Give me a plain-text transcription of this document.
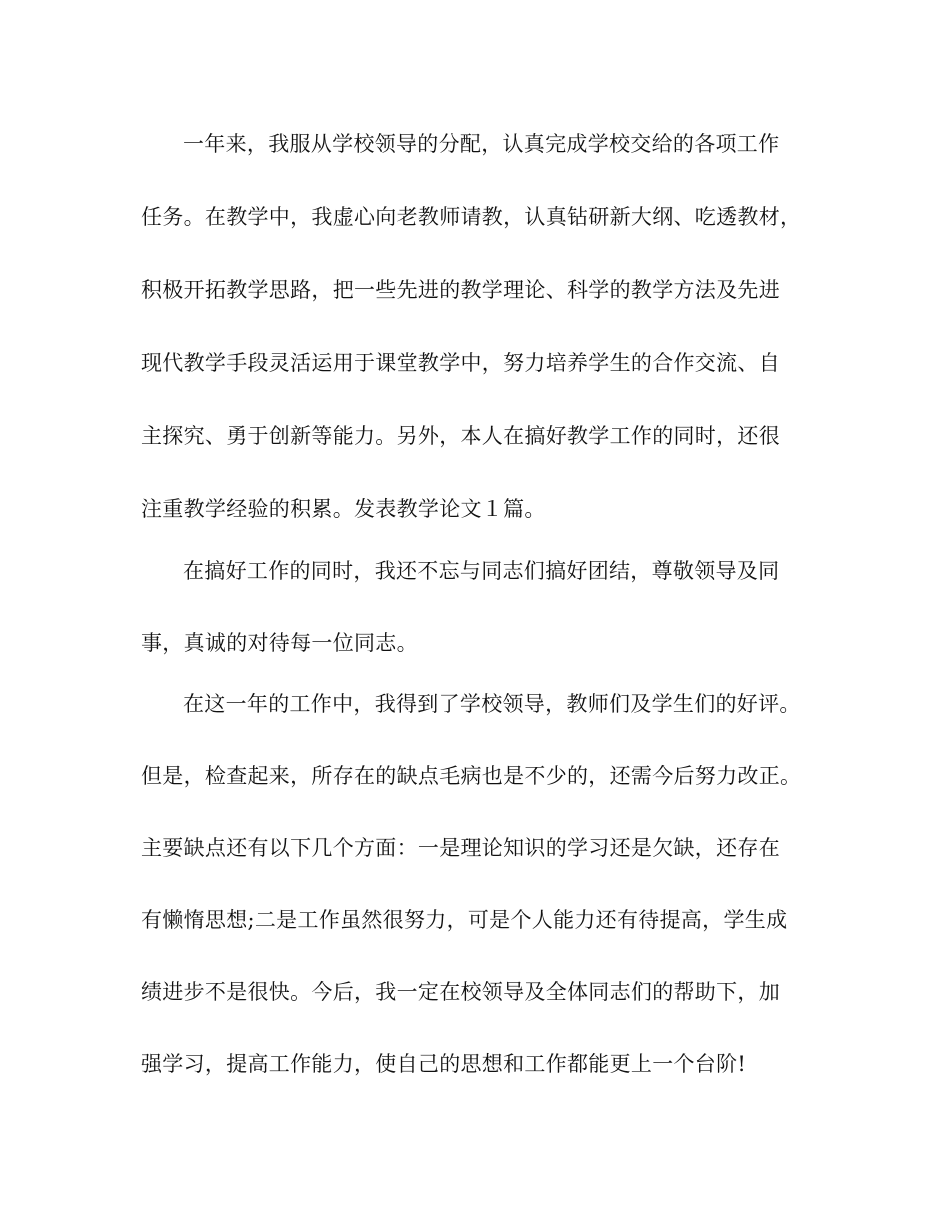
一年来，我服从学校领导的分配，认真完成学校交给的各项工作
任务。在教学中，我虚心向老教师请教，认真钻研新大纲、吃透教材，
积极开拓教学思路，把一些先进的教学理论、科学的教学方法及先进
现代教学手段灵活运用于课堂教学中，努力培养学生的合作交流、自
主探究、勇于创新等能力。另外，本人在搞好教学工作的同时，还很
注重教学经验的积累。发表教学论文１篇。
在搞好工作的同时，我还不忘与同志们搞好团结，尊敬领导及同
事，真诚的对待每一位同志。
在这一年的工作中，我得到了学校领导，教师们及学生们的好评。
但是，检查起来，所存在的缺点毛病也是不少的，还需今后努力改正。
主要缺点还有以下几个方面：一是理论知识的学习还是欠缺，还存在
有懒惰思想;二是工作虽然很努力，可是个人能力还有待提高，学生成
绩进步不是很快。今后，我一定在校领导及全体同志们的帮助下，加
强学习，提高工作能力，使自己的思想和工作都能更上一个台阶!
